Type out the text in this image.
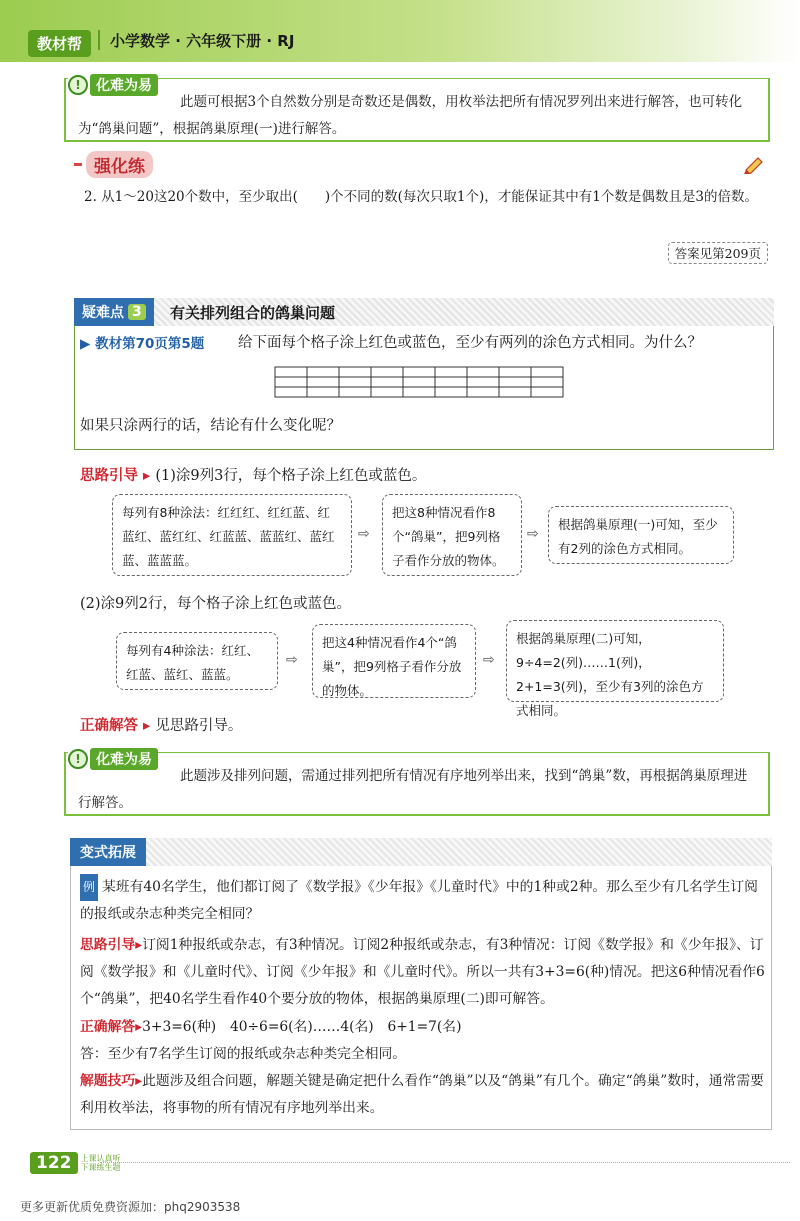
教材帮	小学数学 · 六年级下册 · RJ
此题可根据3个自然数分别是奇数还是偶数，用枚举法把所有情况罗列出来进行解答，也可转化为“鸽巢问题”，根据鸽巢原理(一)进行解答。
!	化难为易
强化练
2. 从1～20这20个数中，至少取出(　　)个不同的数(每次只取1个)，才能保证其中有1个数是偶数且是3的倍数。
答案见第209页
疑难点 3 有关排列组合的鸽巢问题
▶ 教材第70页第5题 给下面每个格子涂上红色或蓝色，至少有两列的涂色方式相同。为什么？
如果只涂两行的话，结论有什么变化呢？
思路引导 ▸ (1)涂9列3行，每个格子涂上红色或蓝色。
每列有8种涂法：红红红、红红蓝、红蓝红、蓝红红、红蓝蓝、蓝蓝红、蓝红蓝、蓝蓝蓝。
⇨
把这8种情况看作8个“鸽巢”，把9列格子看作分放的物体。
⇨
根据鸽巢原理(一)可知，至少有2列的涂色方式相同。
(2)涂9列2行，每个格子涂上红色或蓝色。
每列有4种涂法：红红、红蓝、蓝红、蓝蓝。
⇨
把这4种情况看作4个“鸽巢”，把9列格子看作分放的物体。
⇨
根据鸽巢原理(二)可知，9÷4=2(列)……1(列)，2+1=3(列)，至少有3列的涂色方式相同。
正确解答 ▸ 见思路引导。
此题涉及排列问题，需通过排列把所有情况有序地列举出来，找到“鸽巢”数，再根据鸽巢原理进行解答。
!	化难为易
变式拓展
例 某班有40名学生，他们都订阅了《数学报》《少年报》《儿童时代》中的1种或2种。那么至少有几名学生订阅的报纸或杂志种类完全相同？
思路引导▸订阅1种报纸或杂志，有3种情况。订阅2种报纸或杂志，有3种情况：订阅《数学报》和《少年报》、订阅《数学报》和《儿童时代》、订阅《少年报》和《儿童时代》。所以一共有3+3=6(种)情况。把这6种情况看作6个“鸽巢”，把40名学生看作40个要分放的物体，根据鸽巢原理(二)即可解答。
正确解答▸3+3=6(种)　40÷6=6(名)……4(名)　6+1=7(名)
答：至少有7名学生订阅的报纸或杂志种类完全相同。
解题技巧▸此题涉及组合问题，解题关键是确定把什么看作“鸽巢”以及“鸽巢”有几个。确定“鸽巢”数时，通常需要利用枚举法，将事物的所有情况有序地列举出来。
122	上课认真听 下课练生题
更多更新优质免费资源加：phq2903538
